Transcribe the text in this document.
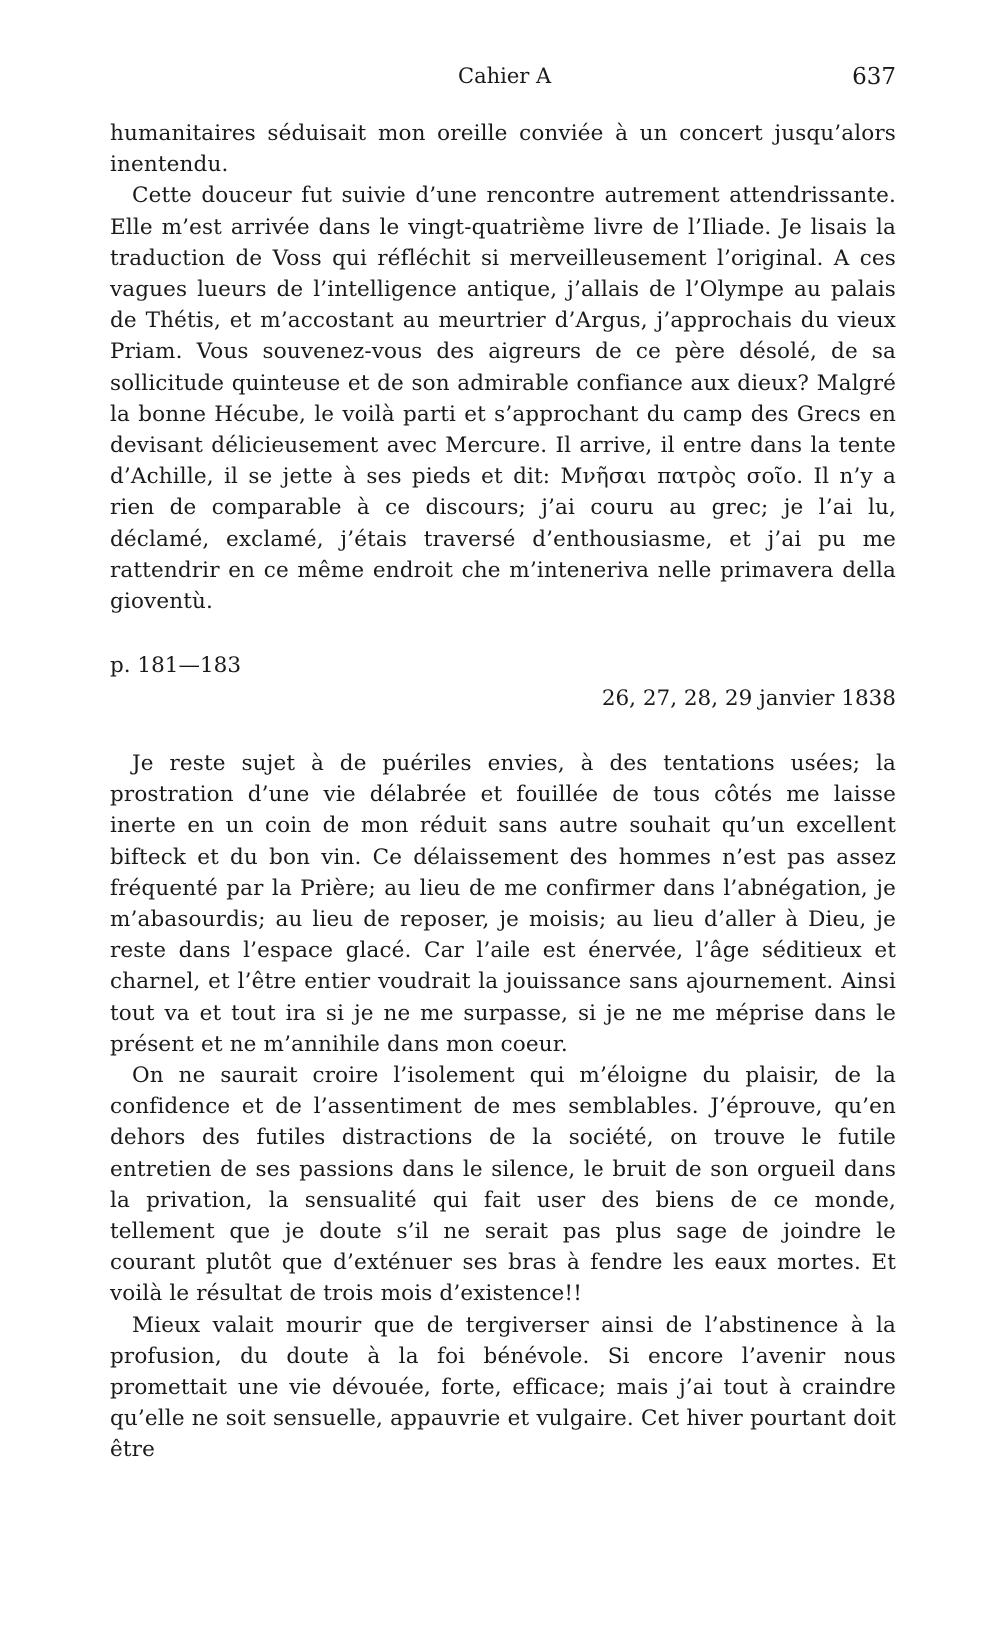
Cahier A	637

humanitaires séduisait mon oreille conviée à un concert jusqu’alors inentendu.

Cette douceur fut suivie d’une rencontre autrement attendrissante. Elle m’est arrivée dans le vingt-quatrième livre de l’Iliade. Je lisais la traduction de Voss qui réfléchit si merveilleusement l’original. A ces vagues lueurs de l’intelligence antique, j’allais de l’Olympe au palais de Thétis, et m’accostant au meurtrier d’Argus, j’approchais du vieux Priam. Vous souvenez-vous des aigreurs de ce père désolé, de sa sollicitude quinteuse et de son admirable confiance aux dieux? Malgré la bonne Hécube, le voilà parti et s’approchant du camp des Grecs en devisant délicieusement avec Mercure. Il arrive, il entre dans la tente d’Achille, il se jette à ses pieds et dit: Μνῆσαι πατρὸς σοῖο. Il n’y a rien de comparable à ce discours; j’ai couru au grec; je l’ai lu, déclamé, exclamé, j’étais traversé d’enthousiasme, et j’ai pu me rattendrir en ce même endroit che m’inteneriva nelle primavera della gioventù.

p. 181—183
26, 27, 28, 29 janvier 1838

Je reste sujet à de puériles envies, à des tentations usées; la prostration d’une vie délabrée et fouillée de tous côtés me laisse inerte en un coin de mon réduit sans autre souhait qu’un excellent bifteck et du bon vin. Ce délaissement des hommes n’est pas assez fréquenté par la Prière; au lieu de me confirmer dans l’abnégation, je m’abasourdis; au lieu de reposer, je moisis; au lieu d’aller à Dieu, je reste dans l’espace glacé. Car l’aile est énervée, l’âge séditieux et charnel, et l’être entier voudrait la jouissance sans ajournement. Ainsi tout va et tout ira si je ne me surpasse, si je ne me méprise dans le présent et ne m’annihile dans mon coeur.

On ne saurait croire l’isolement qui m’éloigne du plaisir, de la confidence et de l’assentiment de mes semblables. J’éprouve, qu’en dehors des futiles distractions de la société, on trouve le futile entretien de ses passions dans le silence, le bruit de son orgueil dans la privation, la sensualité qui fait user des biens de ce monde, tellement que je doute s’il ne serait pas plus sage de joindre le courant plutôt que d’exténuer ses bras à fendre les eaux mortes. Et voilà le résultat de trois mois d’existence!!

Mieux valait mourir que de tergiverser ainsi de l’abstinence à la profusion, du doute à la foi bénévole. Si encore l’avenir nous promettait une vie dévouée, forte, efficace; mais j’ai tout à craindre qu’elle ne soit sensuelle, appauvrie et vulgaire. Cet hiver pourtant doit être
